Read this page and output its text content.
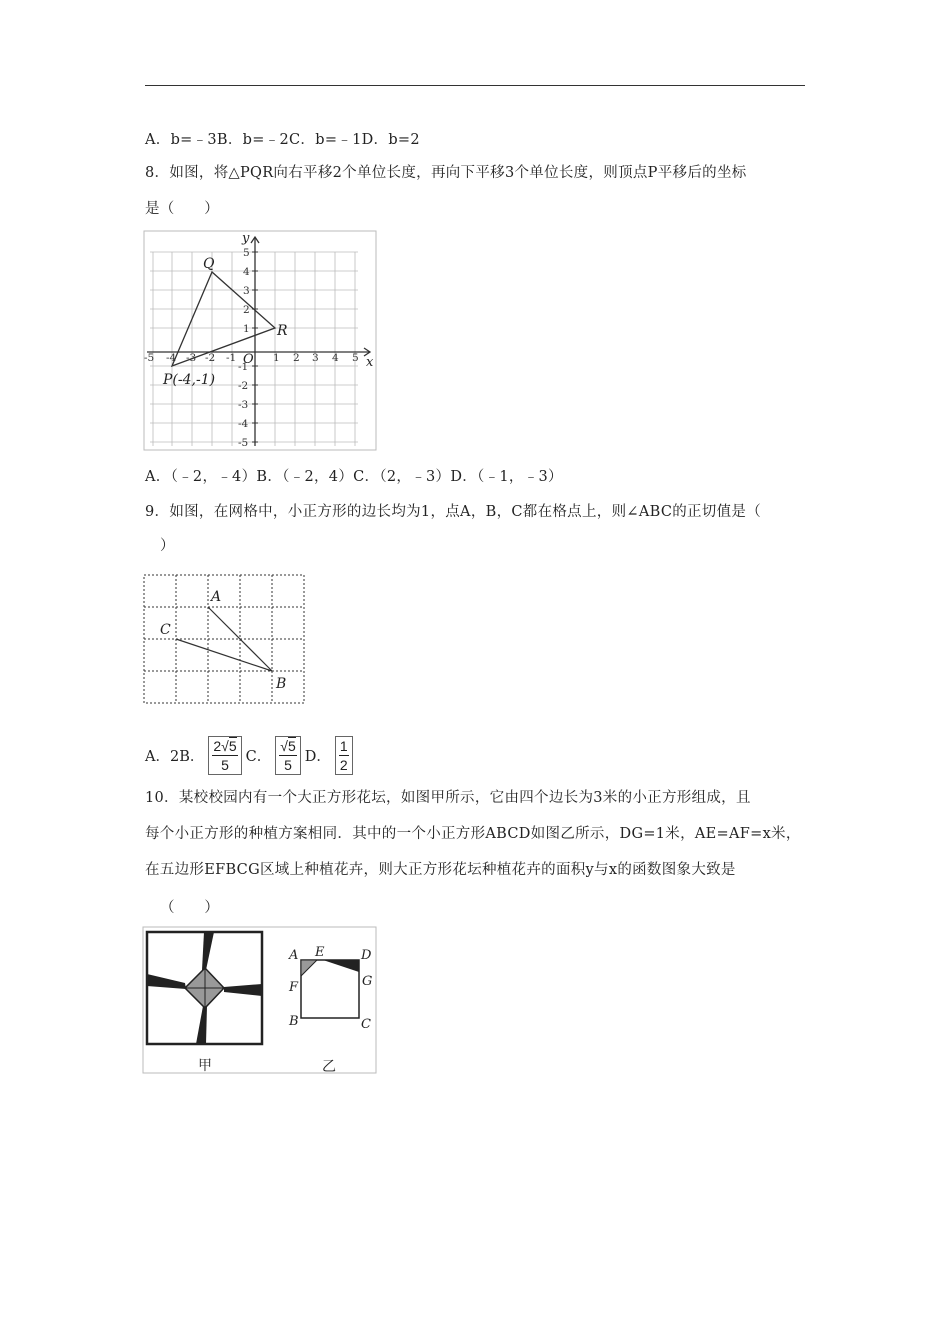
A．b=﹣3B．b=﹣2C．b=﹣1D．b=2
8．如图，将△PQR向右平移2个单位长度，再向下平移3个单位长度，则顶点P平移后的坐标
是（　　）
-5 -4 -3 -2 -1	1 2 3 4 5
5
4
3
2
1
-1
-2
-3
-4
-5
y
x
O
Q
R
P(-4,-1)
A．（﹣2，﹣4）B．（﹣2，4）C．（2，﹣3）D．（﹣1，﹣3）
9．如图，在网格中，小正方形的边长均为1，点A，B，C都在格点上，则∠ABC的正切值是（
）
A
C
B
A．2B． $\frac{2√5}{5}$ C． $\frac{√5}{5}$ D． $\frac{1}{2}$
10．某校校园内有一个大正方形花坛，如图甲所示，它由四个边长为3米的小正方形组成，且
每个小正方形的种植方案相同．其中的一个小正方形ABCD如图乙所示，DG=1米，AE=AF=x米，
在五边形EFBCG区域上种植花卉，则大正方形花坛种植花卉的面积y与x的函数图象大致是
（　　）
甲
A E	D
F	G
B	C
乙
